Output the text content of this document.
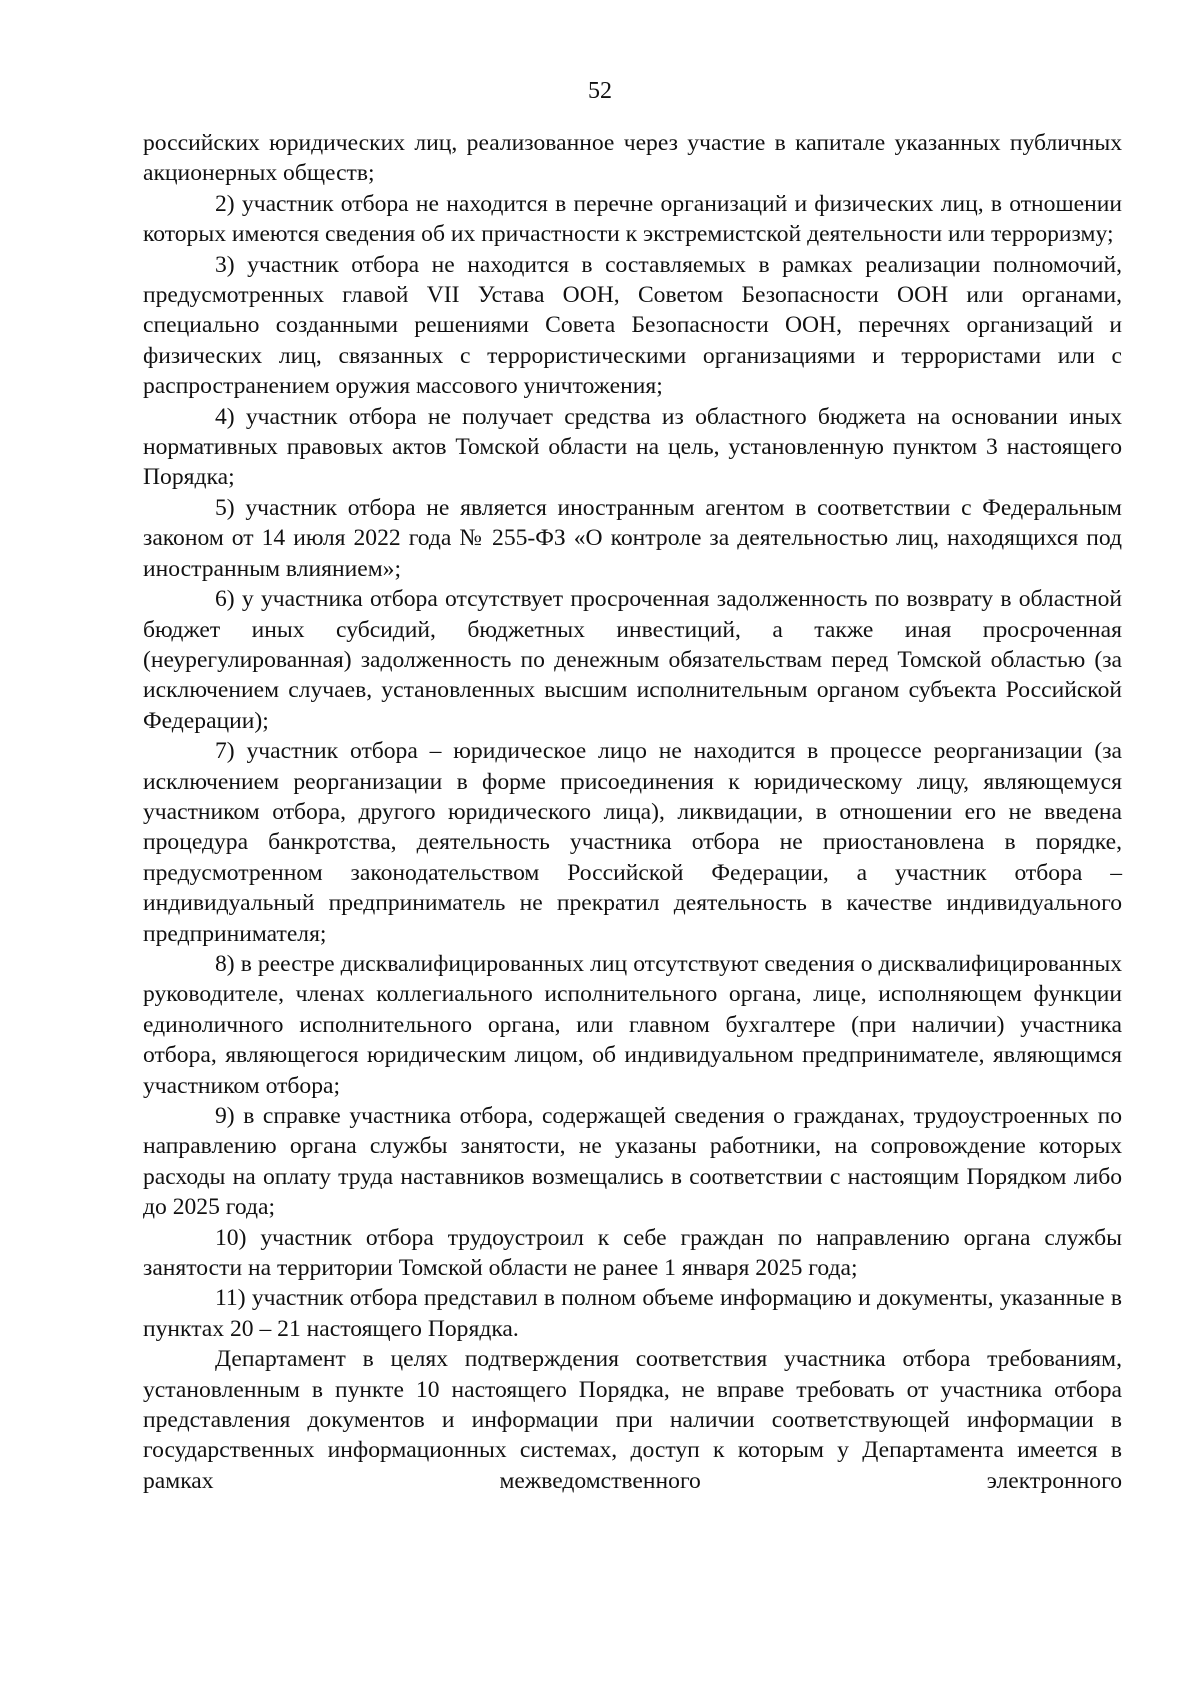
52

российских юридических лиц, реализованное через участие в капитале указанных публичных акционерных обществ;

2) участник отбора не находится в перечне организаций и физических лиц, в отношении которых имеются сведения об их причастности к экстремистской деятельности или терроризму;

3) участник отбора не находится в составляемых в рамках реализации полномочий, предусмотренных главой VII Устава ООН, Советом Безопасности ООН или органами, специально созданными решениями Совета Безопасности ООН, перечнях организаций и физических лиц, связанных с террористическими организациями и террористами или с распространением оружия массового уничтожения;

4) участник отбора не получает средства из областного бюджета на основании иных нормативных правовых актов Томской области на цель, установленную пунктом 3 настоящего Порядка;

5) участник отбора не является иностранным агентом в соответствии с Федеральным законом от 14 июля 2022 года № 255-ФЗ «О контроле за деятельностью лиц, находящихся под иностранным влиянием»;

6) у участника отбора отсутствует просроченная задолженность по возврату в областной бюджет иных субсидий, бюджетных инвестиций, а также иная просроченная (неурегулированная) задолженность по денежным обязательствам перед Томской областью (за исключением случаев, установленных высшим исполнительным органом субъекта Российской Федерации);

7) участник отбора – юридическое лицо не находится в процессе реорганизации (за исключением реорганизации в форме присоединения к юридическому лицу, являющемуся участником отбора, другого юридического лица), ликвидации, в отношении его не введена процедура банкротства, деятельность участника отбора не приостановлена в порядке, предусмотренном законодательством Российской Федерации, а участник отбора – индивидуальный предприниматель не прекратил деятельность в качестве индивидуального предпринимателя;

8) в реестре дисквалифицированных лиц отсутствуют сведения о дисквалифицированных руководителе, членах коллегиального исполнительного органа, лице, исполняющем функции единоличного исполнительного органа, или главном бухгалтере (при наличии) участника отбора, являющегося юридическим лицом, об индивидуальном предпринимателе, являющимся участником отбора;

9) в справке участника отбора, содержащей сведения о гражданах, трудоустроенных по направлению органа службы занятости, не указаны работники, на сопровождение которых расходы на оплату труда наставников возмещались в соответствии с настоящим Порядком либо до 2025 года;

10) участник отбора трудоустроил к себе граждан по направлению органа службы занятости на территории Томской области не ранее 1 января 2025 года;

11) участник отбора представил в полном объеме информацию и документы, указанные в пунктах 20 – 21 настоящего Порядка.

Департамент в целях подтверждения соответствия участника отбора требованиям, установленным в пункте 10 настоящего Порядка, не вправе требовать от участника отбора представления документов и информации при наличии соответствующей информации в государственных информационных системах, доступ к которым у Департамента имеется в рамках межведомственного электронного
